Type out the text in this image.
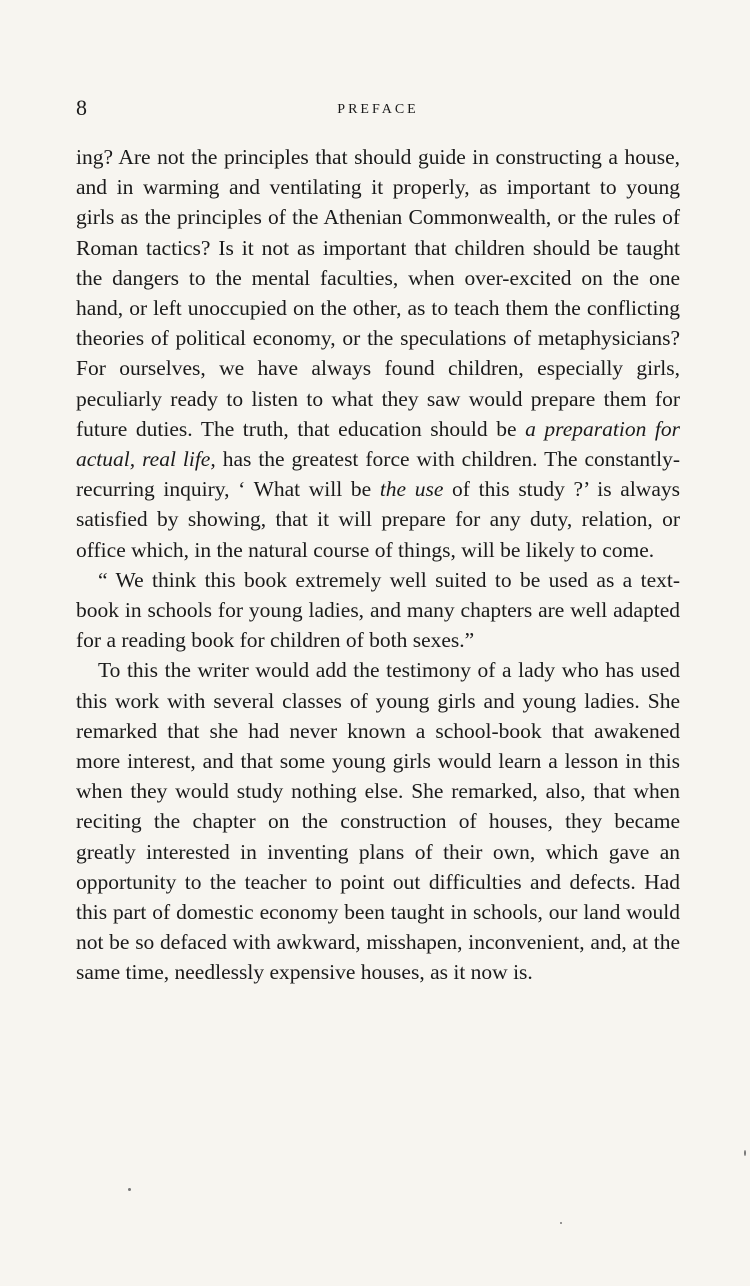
8	PREFACE

ing? Are not the principles that should guide in constructing a house, and in warming and ventilating it properly, as important to young girls as the principles of the Athenian Commonwealth, or the rules of Roman tactics? Is it not as important that children should be taught the dangers to the mental faculties, when over-excited on the one hand, or left unoccupied on the other, as to teach them the conflicting theories of political economy, or the speculations of metaphysicians? For ourselves, we have always found children, especially girls, peculiarly ready to listen to what they saw would prepare them for future duties. The truth, that education should be a preparation for actual, real life, has the greatest force with children. The constantly-recurring inquiry, ‘ What will be the use of this study ?’ is always satisfied by showing, that it will prepare for any duty, relation, or office which, in the natural course of things, will be likely to come.

“ We think this book extremely well suited to be used as a text-book in schools for young ladies, and many chapters are well adapted for a reading book for children of both sexes.”

To this the writer would add the testimony of a lady who has used this work with several classes of young girls and young ladies. She remarked that she had never known a school-book that awakened more interest, and that some young girls would learn a lesson in this when they would study nothing else. She remarked, also, that when reciting the chapter on the construction of houses, they became greatly interested in inventing plans of their own, which gave an opportunity to the teacher to point out difficulties and defects. Had this part of domestic economy been taught in schools, our land would not be so defaced with awkward, misshapen, inconvenient, and, at the same time, needlessly expensive houses, as it now is.
